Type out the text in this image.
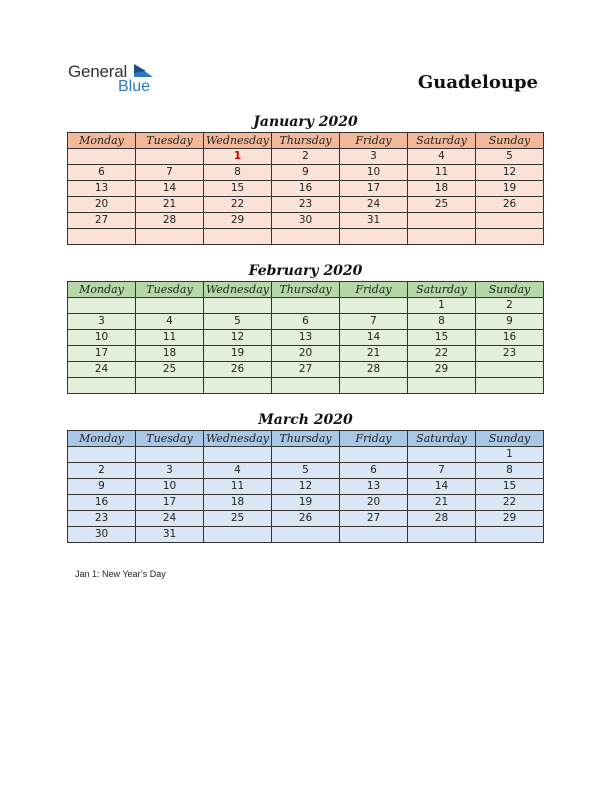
General
Blue	Guadeloupe
January 2020
Monday	Tuesday	Wednesday	Thursday	Friday	Saturday	Sunday
		1	2	3	4	5
6	7	8	9	10	11	12
13	14	15	16	17	18	19
20	21	22	23	24	25	26
27	28	29	30	31		

February 2020
Monday	Tuesday	Wednesday	Thursday	Friday	Saturday	Sunday
					1	2
3	4	5	6	7	8	9
10	11	12	13	14	15	16
17	18	19	20	21	22	23
24	25	26	27	28	29	

March 2020
Monday	Tuesday	Wednesday	Thursday	Friday	Saturday	Sunday
						1
2	3	4	5	6	7	8
9	10	11	12	13	14	15
16	17	18	19	20	21	22
23	24	25	26	27	28	29
30	31					
Jan 1: New Year’s Day
